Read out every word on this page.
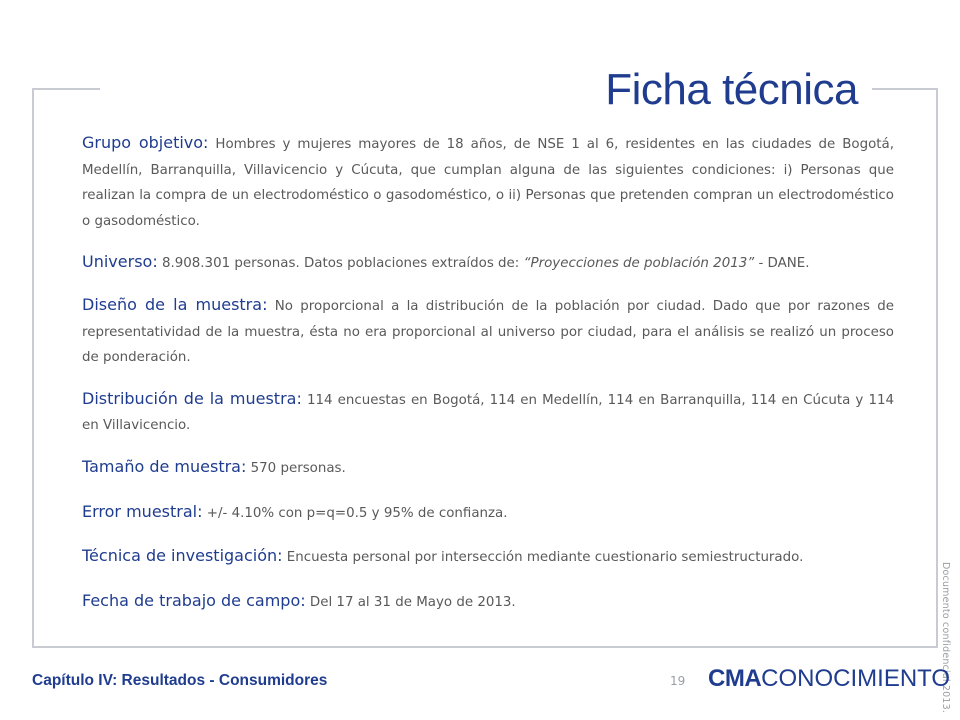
Ficha técnica

Grupo objetivo: Hombres y mujeres mayores de 18 años, de NSE 1 al 6, residentes en las ciudades de Bogotá, Medellín, Barranquilla, Villavicencio y Cúcuta, que cumplan alguna de las siguientes condiciones: i) Personas que realizan la compra de un electrodoméstico o gasodoméstico, o ii) Personas que pretenden compran un electrodoméstico o gasodoméstico.

Universo: 8.908.301 personas. Datos poblaciones extraídos de: “Proyecciones de población 2013” - DANE.

Diseño de la muestra: No proporcional a la distribución de la población por ciudad. Dado que por razones de representatividad de la muestra, ésta no era proporcional al universo por ciudad, para el análisis se realizó un proceso de ponderación.

Distribución de la muestra: 114 encuestas en Bogotá, 114 en Medellín, 114 en Barranquilla, 114 en Cúcuta y 114 en Villavicencio.

Tamaño de muestra: 570 personas.

Error muestral: +/- 4.10% con p=q=0.5 y 95% de confianza.

Técnica de investigación: Encuesta personal por intersección mediante cuestionario semiestructurado.

Fecha de trabajo de campo: Del 17 al 31 de Mayo de 2013.	Documento confidencial 2013.
Capítulo IV: Resultados - Consumidores	19 CMACONOCIMIENTO
